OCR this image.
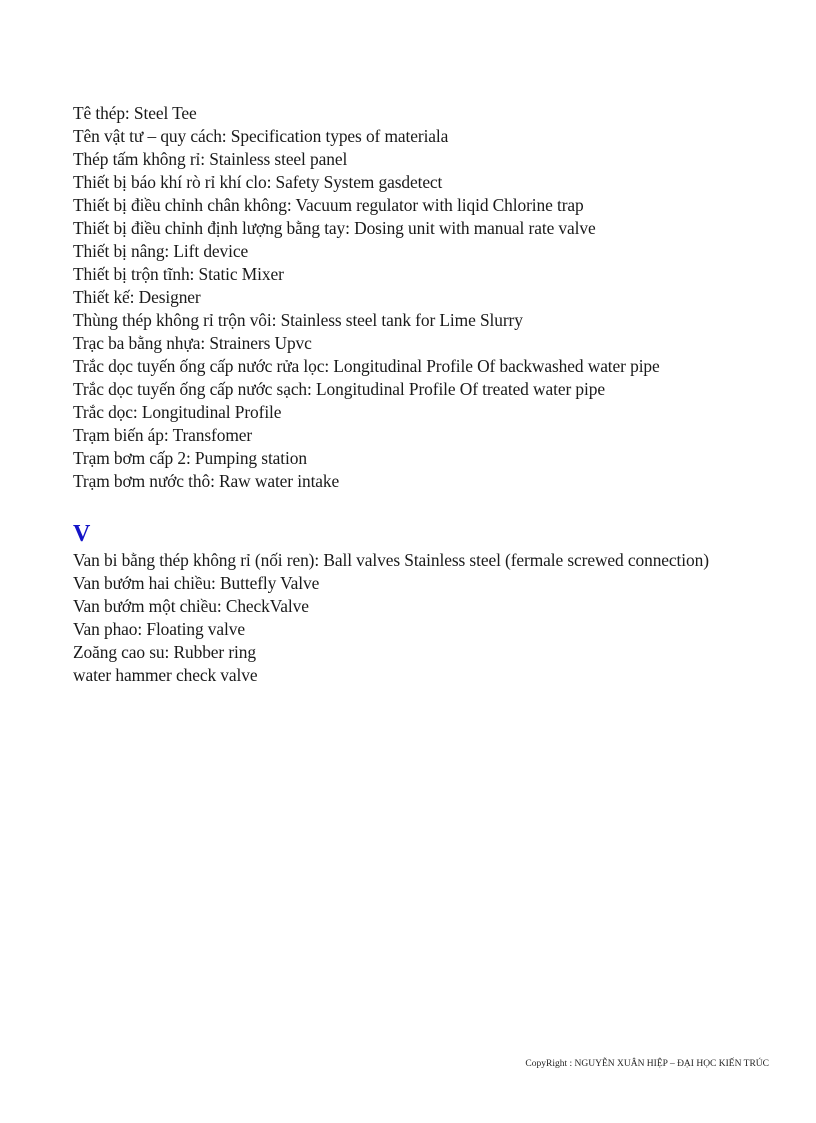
Tê thép: Steel Tee
Tên vật tư – quy cách: Specification types of materiala
Thép tấm không rỉ: Stainless steel panel
Thiết bị báo khí rò rỉ khí clo: Safety System gasdetect
Thiết bị điều chỉnh chân không: Vacuum regulator with liqid Chlorine trap
Thiết bị điều chỉnh định lượng bằng tay: Dosing unit with manual rate valve
Thiết bị nâng: Lift device
Thiết bị trộn tĩnh: Static Mixer
Thiết kế: Designer
Thùng thép không rỉ trộn vôi: Stainless steel tank for Lime Slurry
Trạc ba bằng nhựa: Strainers Upvc
Trắc dọc tuyến ống cấp nước rửa lọc: Longitudinal Profile Of backwashed water pipe
Trắc dọc tuyến ống cấp nước sạch: Longitudinal Profile Of treated water pipe
Trắc dọc: Longitudinal Profile
Trạm biến áp: Transfomer
Trạm bơm cấp 2: Pumping station
Trạm bơm nước thô: Raw water intake
V
Van bi bằng thép không rỉ (nối ren): Ball valves Stainless steel (fermale screwed connection)
Van bướm hai chiều: Buttefly Valve
Van bướm một chiều: CheckValve
Van phao: Floating valve
Zoăng cao su: Rubber ring
water hammer check valve
CopyRight : NGUYỄN XUÂN HIỆP – ĐẠI HỌC KIẾN TRÚC
